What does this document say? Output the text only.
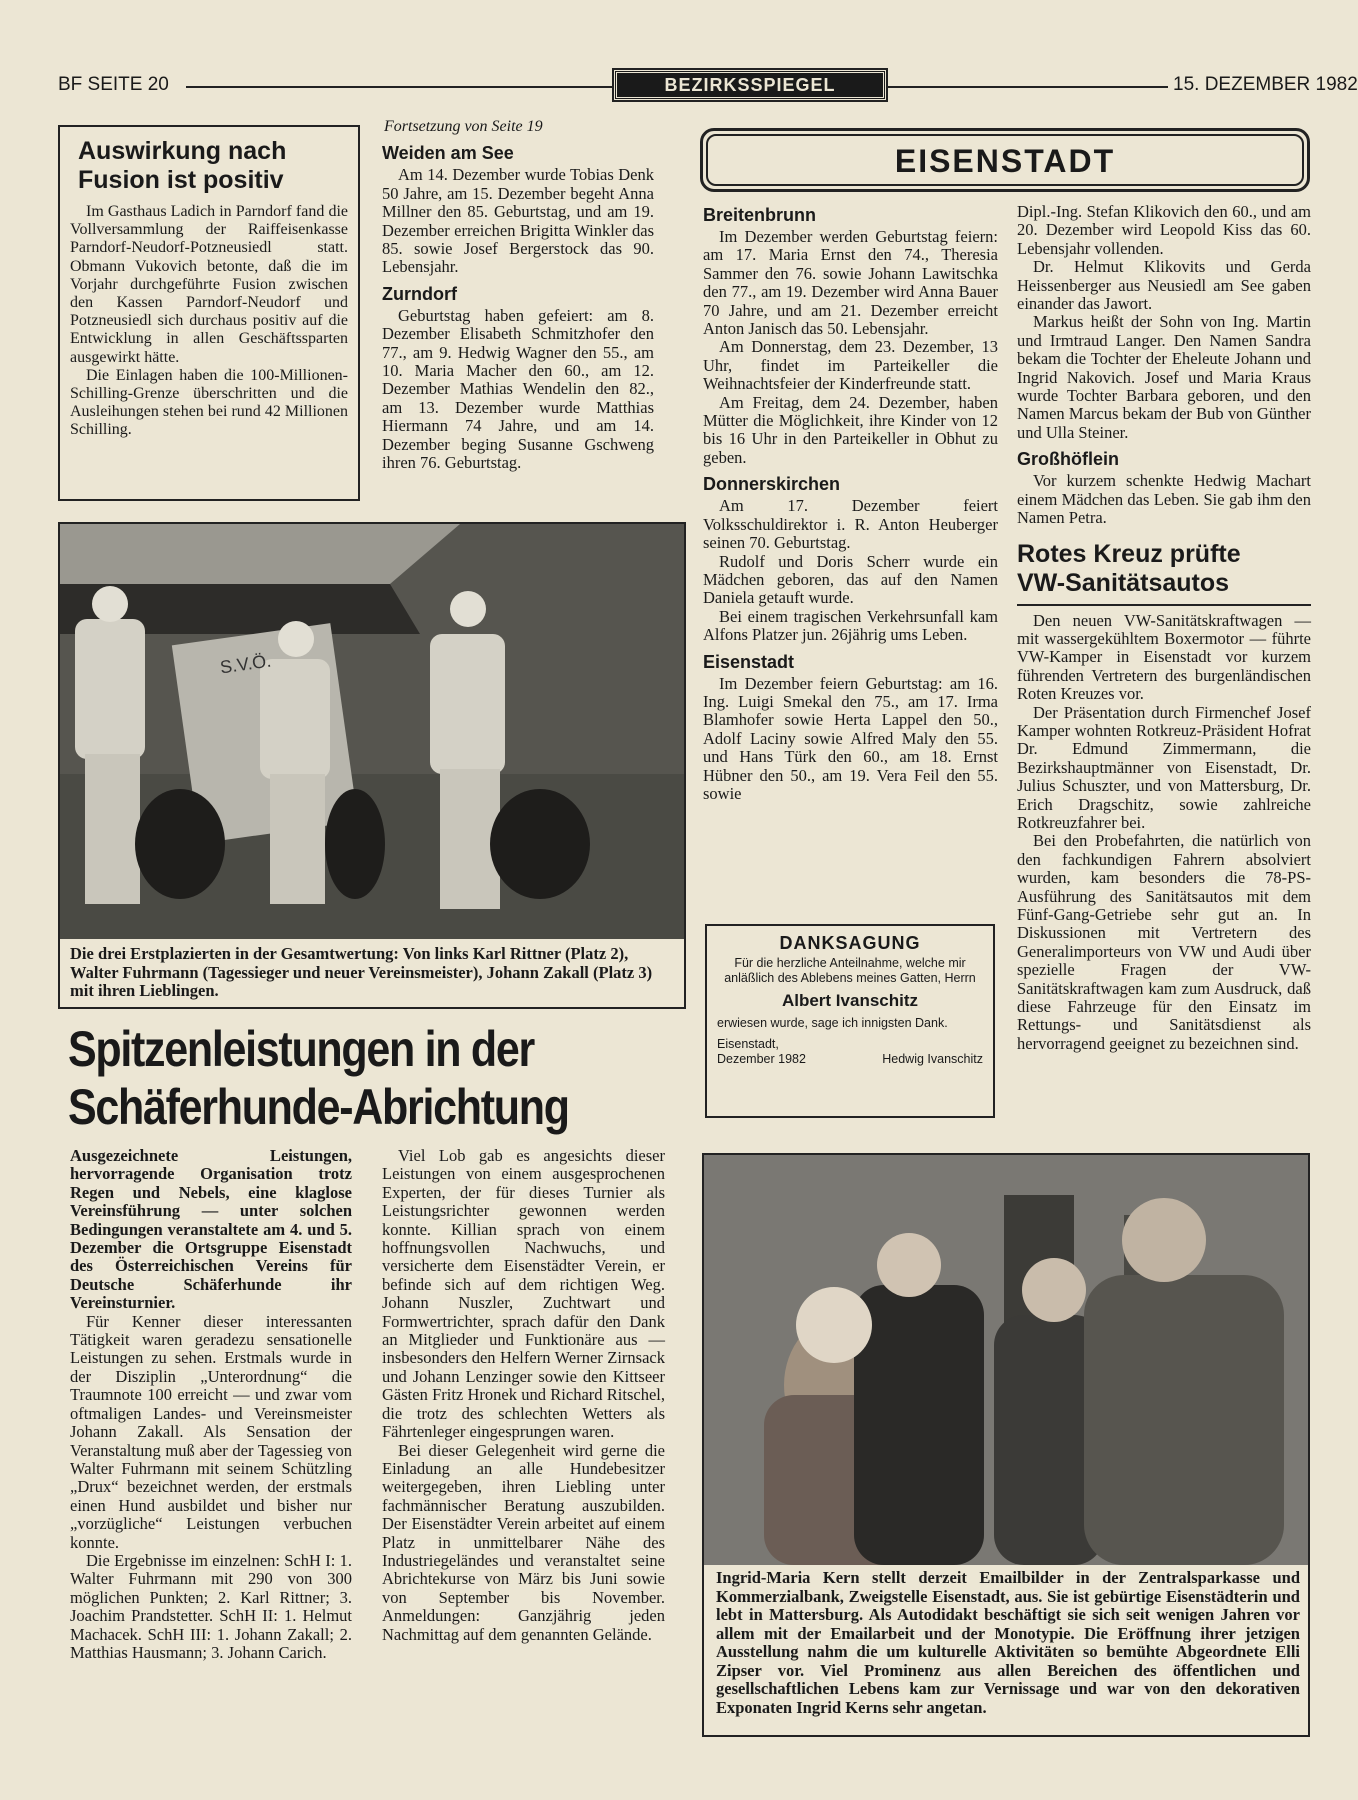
BF SEITE 20	BEZIRKSSPIEGEL	15. DEZEMBER 1982
Auswirkung nach
Fusion ist positiv

Im Gasthaus Ladich in Parndorf fand die Vollversammlung der Raiffeisenkasse Parndorf-Neudorf-Potzneusiedl statt. Obmann Vukovich betonte, daß die im Vorjahr durchgeführte Fusion zwischen den Kassen Parndorf-Neudorf und Potzneusiedl sich durchaus positiv auf die Entwicklung in allen Geschäftssparten ausgewirkt hätte.

Die Einlagen haben die 100-Millionen-Schilling-Grenze überschritten und die Ausleihungen stehen bei rund 42 Millionen Schilling.

Fortsetzung von Seite 19
Weiden am See

Am 14. Dezember wurde Tobias Denk 50 Jahre, am 15. Dezember begeht Anna Millner den 85. Geburtstag, und am 19. Dezember erreichen Brigitta Winkler das 85. sowie Josef Bergerstock das 90. Lebensjahr.

Zurndorf

Geburtstag haben gefeiert: am 8. Dezember Elisabeth Schmitzhofer den 77., am 9. Hedwig Wagner den 55., am 10. Maria Macher den 60., am 12. Dezember Mathias Wendelin den 82., am 13. Dezember wurde Matthias Hiermann 74 Jahre, und am 14. Dezember beging Susanne Gschweng ihren 76. Geburtstag.

EISENSTADT
Breitenbrunn

Im Dezember werden Geburtstag feiern: am 17. Maria Ernst den 74., Theresia Sammer den 76. sowie Johann Lawitschka den 77., am 19. Dezember wird Anna Bauer 70 Jahre, und am 21. Dezember erreicht Anton Janisch das 50. Lebensjahr.

Am Donnerstag, dem 23. Dezember, 13 Uhr, findet im Parteikeller die Weihnachtsfeier der Kinderfreunde statt.

Am Freitag, dem 24. Dezember, haben Mütter die Möglichkeit, ihre Kinder von 12 bis 16 Uhr in den Parteikeller in Obhut zu geben.

Donnerskirchen

Am 17. Dezember feiert Volksschuldirektor i. R. Anton Heuberger seinen 70. Geburtstag.

Rudolf und Doris Scherr wurde ein Mädchen geboren, das auf den Namen Daniela getauft wurde.

Bei einem tragischen Verkehrsunfall kam Alfons Platzer jun. 26jährig ums Leben.

Eisenstadt

Im Dezember feiern Geburtstag: am 16. Ing. Luigi Smekal den 75., am 17. Irma Blamhofer sowie Herta Lappel den 50., Adolf Laciny sowie Alfred Maly den 55. und Hans Türk den 60., am 18. Ernst Hübner den 50., am 19. Vera Feil den 55. sowie

DANKSAGUNG
Für die herzliche Anteilnahme, welche mir anläßlich des Ablebens meines Gatten, Herrn
Albert Ivanschitz
erwiesen wurde, sage ich innigsten Dank.
Eisenstadt, Dezember 1982	Hedwig Ivanschitz

Dipl.-Ing. Stefan Klikovich den 60., und am 20. Dezember wird Leopold Kiss das 60. Lebensjahr vollenden.

Dr. Helmut Klikovits und Gerda Heissenberger aus Neusiedl am See gaben einander das Jawort.

Markus heißt der Sohn von Ing. Martin und Irmtraud Langer. Den Namen Sandra bekam die Tochter der Eheleute Johann und Ingrid Nakovich. Josef und Maria Kraus wurde Tochter Barbara geboren, und den Namen Marcus bekam der Bub von Günther und Ulla Steiner.

Großhöflein

Vor kurzem schenkte Hedwig Machart einem Mädchen das Leben. Sie gab ihm den Namen Petra.

Rotes Kreuz prüfte
VW-Sanitätsautos

Den neuen VW-Sanitätskraftwagen — mit wassergekühltem Boxermotor — führte VW-Kamper in Eisenstadt vor kurzem führenden Vertretern des burgenländischen Roten Kreuzes vor.

Der Präsentation durch Firmenchef Josef Kamper wohnten Rotkreuz-Präsident Hofrat Dr. Edmund Zimmermann, die Bezirkshauptmänner von Eisenstadt, Dr. Julius Schuszter, und von Mattersburg, Dr. Erich Dragschitz, sowie zahlreiche Rotkreuzfahrer bei.

Bei den Probefahrten, die natürlich von den fachkundigen Fahrern absolviert wurden, kam besonders die 78-PS-Ausführung des Sanitätsautos mit dem Fünf-Gang-Getriebe sehr gut an. In Diskussionen mit Vertretern des Generalimporteurs von VW und Audi über spezielle Fragen der VW-Sanitätskraftwagen kam zum Ausdruck, daß diese Fahrzeuge für den Einsatz im Rettungs- und Sanitätsdienst als hervorragend geeignet zu bezeichnen sind.

S.V.Ö.
Die drei Erstplazierten in der Gesamtwertung: Von links Karl Rittner (Platz 2), Walter Fuhrmann (Tagessieger und neuer Vereinsmeister), Johann Zakall (Platz 3) mit ihren Lieblingen.
Spitzenleistungen in der
Schäferhunde-Abrichtung

Ausgezeichnete Leistungen, hervorragende Organisation trotz Regen und Nebels, eine klaglose Vereinsführung — unter solchen Bedingungen veranstaltete am 4. und 5. Dezember die Ortsgruppe Eisenstadt des Österreichischen Vereins für Deutsche Schäferhunde ihr Vereinsturnier.

Für Kenner dieser interessanten Tätigkeit waren geradezu sensationelle Leistungen zu sehen. Erstmals wurde in der Disziplin „Unterordnung“ die Traumnote 100 erreicht — und zwar vom oftmaligen Landes- und Vereinsmeister Johann Zakall. Als Sensation der Veranstaltung muß aber der Tagessieg von Walter Fuhrmann mit seinem Schützling „Drux“ bezeichnet werden, der erstmals einen Hund ausbildet und bisher nur „vorzügliche“ Leistungen verbuchen konnte.

Die Ergebnisse im einzelnen: SchH I: 1. Walter Fuhrmann mit 290 von 300 möglichen Punkten; 2. Karl Rittner; 3. Joachim Prandstetter. SchH II: 1. Helmut Machacek. SchH III: 1. Johann Zakall; 2. Matthias Hausmann; 3. Johann Carich.

Viel Lob gab es angesichts dieser Leistungen von einem ausgesprochenen Experten, der für dieses Turnier als Leistungsrichter gewonnen werden konnte. Killian sprach von einem hoffnungsvollen Nachwuchs, und versicherte dem Eisenstädter Verein, er befinde sich auf dem richtigen Weg. Johann Nuszler, Zuchtwart und Formwertrichter, sprach dafür den Dank an Mitglieder und Funktionäre aus — insbesonders den Helfern Werner Zirnsack und Johann Lenzinger sowie den Kittseer Gästen Fritz Hronek und Richard Ritschel, die trotz des schlechten Wetters als Fährtenleger eingesprungen waren.

Bei dieser Gelegenheit wird gerne die Einladung an alle Hundebesitzer weitergegeben, ihren Liebling unter fachmännischer Beratung auszubilden. Der Eisenstädter Verein arbeitet auf einem Platz in unmittelbarer Nähe des Industriegeländes und veranstaltet seine Abrichtekurse von März bis Juni sowie von September bis November. Anmeldungen: Ganzjährig jeden Nachmittag auf dem genannten Gelände.

Ingrid-Maria Kern stellt derzeit Emailbilder in der Zentralsparkasse und Kommerzialbank, Zweigstelle Eisenstadt, aus. Sie ist gebürtige Eisenstädterin und lebt in Mattersburg. Als Autodidakt beschäftigt sie sich seit wenigen Jahren vor allem mit der Emailarbeit und der Monotypie. Die Eröffnung ihrer jetzigen Ausstellung nahm die um kulturelle Aktivitäten so bemühte Abgeordnete Elli Zipser vor. Viel Prominenz aus allen Bereichen des öffentlichen und gesellschaftlichen Lebens kam zur Vernissage und war von den dekorativen Exponaten Ingrid Kerns sehr angetan.
